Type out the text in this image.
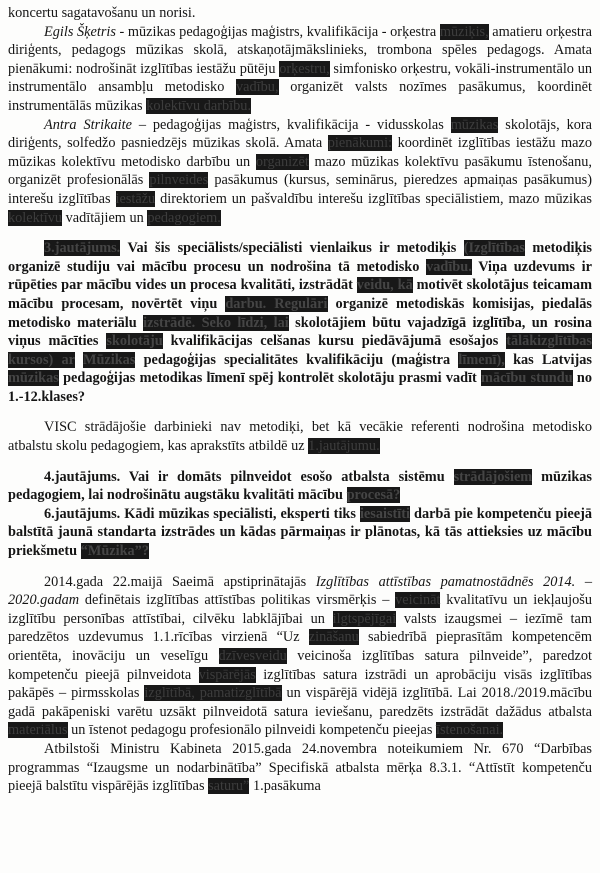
koncertu sagatavošanu un norisi.

Egils Šķetris - mūzikas pedagoģijas maģistrs, kvalifikācija - orķestra mūziķis, amatieru orķestra diriģents, pedagogs mūzikas skolā, atskaņotājmākslinieks, trombona spēles pedagogs. Amata pienākumi: nodrošināt izglītības iestāžu pūtēju orķestru, simfonisko orķestru, vokāli-instrumentālo un instrumentālo ansambļu metodisko vadību, organizēt valsts nozīmes pasākumus, koordinēt instrumentālās mūzikas kolektīvu darbību.

Antra Strikaite – pedagoģijas maģistrs, kvalifikācija - vidusskolas mūzikas skolotājs, kora diriģents, solfedžo pasniedzējs mūzikas skolā. Amata pienākumi: koordinēt izglītības iestāžu mazo mūzikas kolektīvu metodisko darbību un organizēt mazo mūzikas kolektīvu pasākumu īstenošanu, organizēt profesionālās pilnveides pasākumus (kursus, seminārus, pieredzes apmaiņas pasākumus) interešu izglītības iestāžu direktoriem un pašvaldību interešu izglītības speciālistiem, mazo mūzikas kolektīvu vadītājiem un pedagogiem.

3.jautājums. Vai šis speciālists/speciālisti vienlaikus ir metodiķis (Izglītības metodiķis organizē studiju vai mācību procesu un nodrošina tā metodisko vadību. Viņa uzdevums ir rūpēties par mācību vides un procesa kvalitāti, izstrādāt veidu, kā motivēt skolotājus teicamam mācību procesam, novērtēt viņu darbu. Regulāri organizē metodiskās komisijas, piedalās metodisko materiālu izstrādē. Seko līdzi, lai skolotājiem būtu vajadzīgā izglītība, un rosina viņus mācīties skolotāju kvalifikācijas celšanas kursu piedāvājumā esošajos tālākizglītības kursos) ar Mūzikas pedagoģijas specialitātes kvalifikāciju (maģistra līmenī), kas Latvijas mūzikas pedagoģijas metodikas līmenī spēj kontrolēt skolotāju prasmi vadīt mācību stundu no 1.-12.klases?

VISC strādājošie darbinieki nav metodiķi, bet kā vecākie referenti nodrošina metodisko atbalstu skolu pedagogiem, kas aprakstīts atbildē uz 1.jautājumu.

4.jautājums. Vai ir domāts pilnveidot esošo atbalsta sistēmu strādājošiem mūzikas pedagogiem, lai nodrošinātu augstāku kvalitāti mācību procesā?

6.jautājums. Kādi mūzikas speciālisti, eksperti tiks iesaistīti darbā pie kompetenču pieejā balstītā jaunā standarta izstrādes un kādas pārmaiņas ir plānotas, kā tās attieksies uz mācību priekšmetu “Mūzika”?

2014.gada 22.maijā Saeimā apstiprinātajās Izglītības attīstības pamatnostādnēs 2014. – 2020.gadam definētais izglītības attīstības politikas virsmērķis – veicināt kvalitatīvu un iekļaujošu izglītību personības attīstībai, cilvēku labklājībai un ilgtspējīgai valsts izaugsmei – iezīmē tam paredzētos uzdevumus 1.1.rīcības virzienā “Uz zināšanu sabiedrībā pieprasītām kompetencēm orientēta, inovāciju un veselīgu dzīvesveidu veicinoša izglītības satura pilnveide”, paredzot kompetenču pieejā pilnveidota vispārējās izglītības satura izstrādi un aprobāciju visās izglītības pakāpēs – pirmsskolas izglītībā, pamatizglītībā un vispārējā vidējā izglītībā. Lai 2018./2019.mācību gadā pakāpeniski varētu uzsākt pilnveidotā satura ieviešanu, paredzēts izstrādāt dažādus atbalsta materiālus un īstenot pedagogu profesionālo pilnveidi kompetenču pieejas īstenošanai.

Atbilstoši Ministru Kabineta 2015.gada 24.novembra noteikumiem Nr. 670 “Darbības programmas “Izaugsme un nodarbinātība” Specifiskā atbalsta mērķa 8.3.1. “Attīstīt kompetenču pieejā balstītu vispārējās izglītības saturu” 1.pasākuma
